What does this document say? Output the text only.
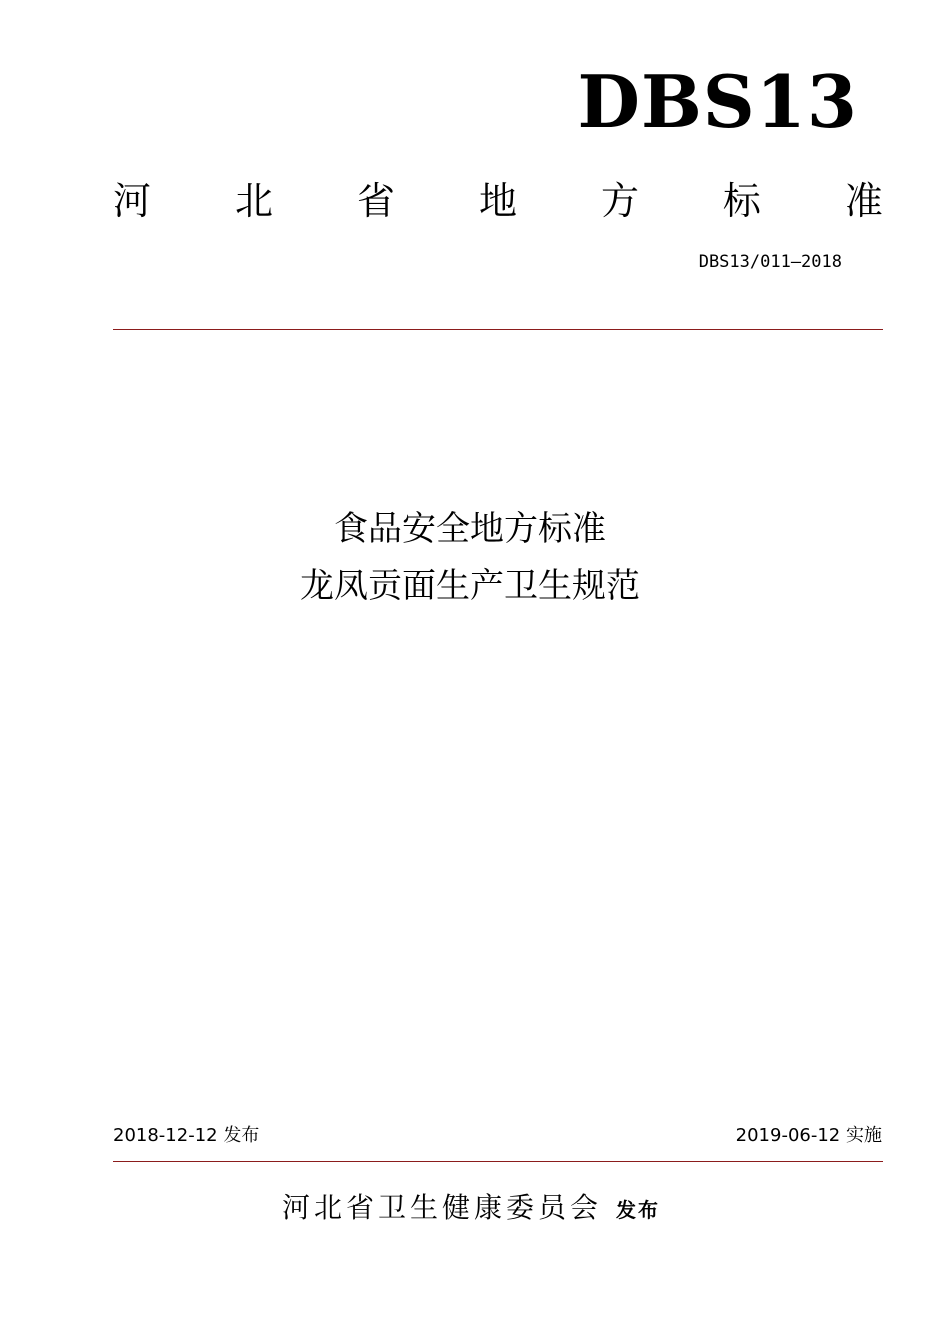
DBS13
河 北 省 地 方 标 准
DBS13/011—2018
食品安全地方标准
龙凤贡面生产卫生规范
2018-12-12 发布	2019-06-12 实施
河北省卫生健康委员会 发布
